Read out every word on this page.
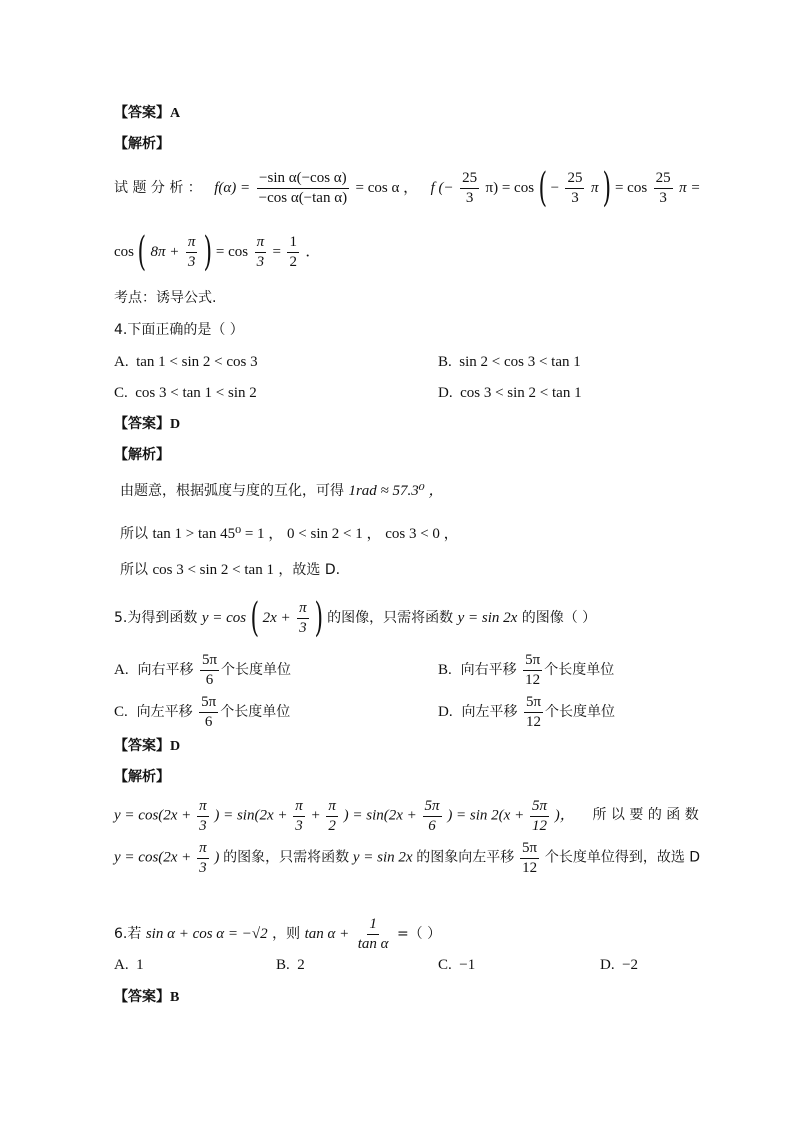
【答案】A
【解析】
试 题 分 析 ： $f(\alpha) = \frac{\text{−sin α(−cos α)}}{\text{−cos α(−tan α)}} = \cos \alpha$ ， f (− $\frac{25}{3} \pi) = \cos$ ( − $\frac{25}{3}$ π ) = $\cos \frac{25}{3}$ π =
cos ( $8\pi + \frac{\pi}{3}$ ) = $\cos \frac{\pi}{3} = \frac{1}{2}$ ．
考点：诱导公式.
4.下面正确的是（ ）
A. tan 1 < sin 2 < cos 3	B. sin 2 < cos 3 < tan 1
C. cos 3 < tan 1 < sin 2	D. cos 3 < sin 2 < tan 1
【答案】D
【解析】
由题意，根据弧度与度的互化，可得 1rad ≈ 57.3⁰ ，
所以 tan 1 > tan 45⁰ = 1 ， 0 < sin 2 < 1 ， cos 3 < 0 ，
所以 cos 3 < sin 2 < tan 1 ，故选 D.
5.为得到函数 y = cos ( $2x + \frac{\pi}{3}$ ) 的图像，只需将函数 y = sin 2x 的图像（ ）
A. 向右平移 $\frac{5\pi}{6}$ 个长度单位	B. 向右平移 $\frac{5\pi}{12}$ 个长度单位
C. 向左平移 $\frac{5\pi}{6}$ 个长度单位	D. 向左平移 $\frac{5\pi}{12}$ 个长度单位
【答案】D
【解析】
$y = \cos(2x + \frac{\pi}{3}$ ) = $\sin(2x + \frac{\pi}{3} + \frac{\pi}{2}$ ) = $\sin(2x + \frac{5\pi}{6}$ ) = $\sin 2(x + \frac{5\pi}{12}$ )， 所 以 要 的 函 数
$y = \cos(2x + \frac{\pi}{3}$ ) 的图象，只需将函数 y = sin 2x 的图象向左平移 $\frac{5\pi}{12}$ 个长度单位得到，故选 D
6.若 sin α + cos α = −√2 ，则 $\tan \alpha + \frac{1}{\text{tan α}}$ =（ ）
A. 1	B. 2	C. −1	D. −2
【答案】B
